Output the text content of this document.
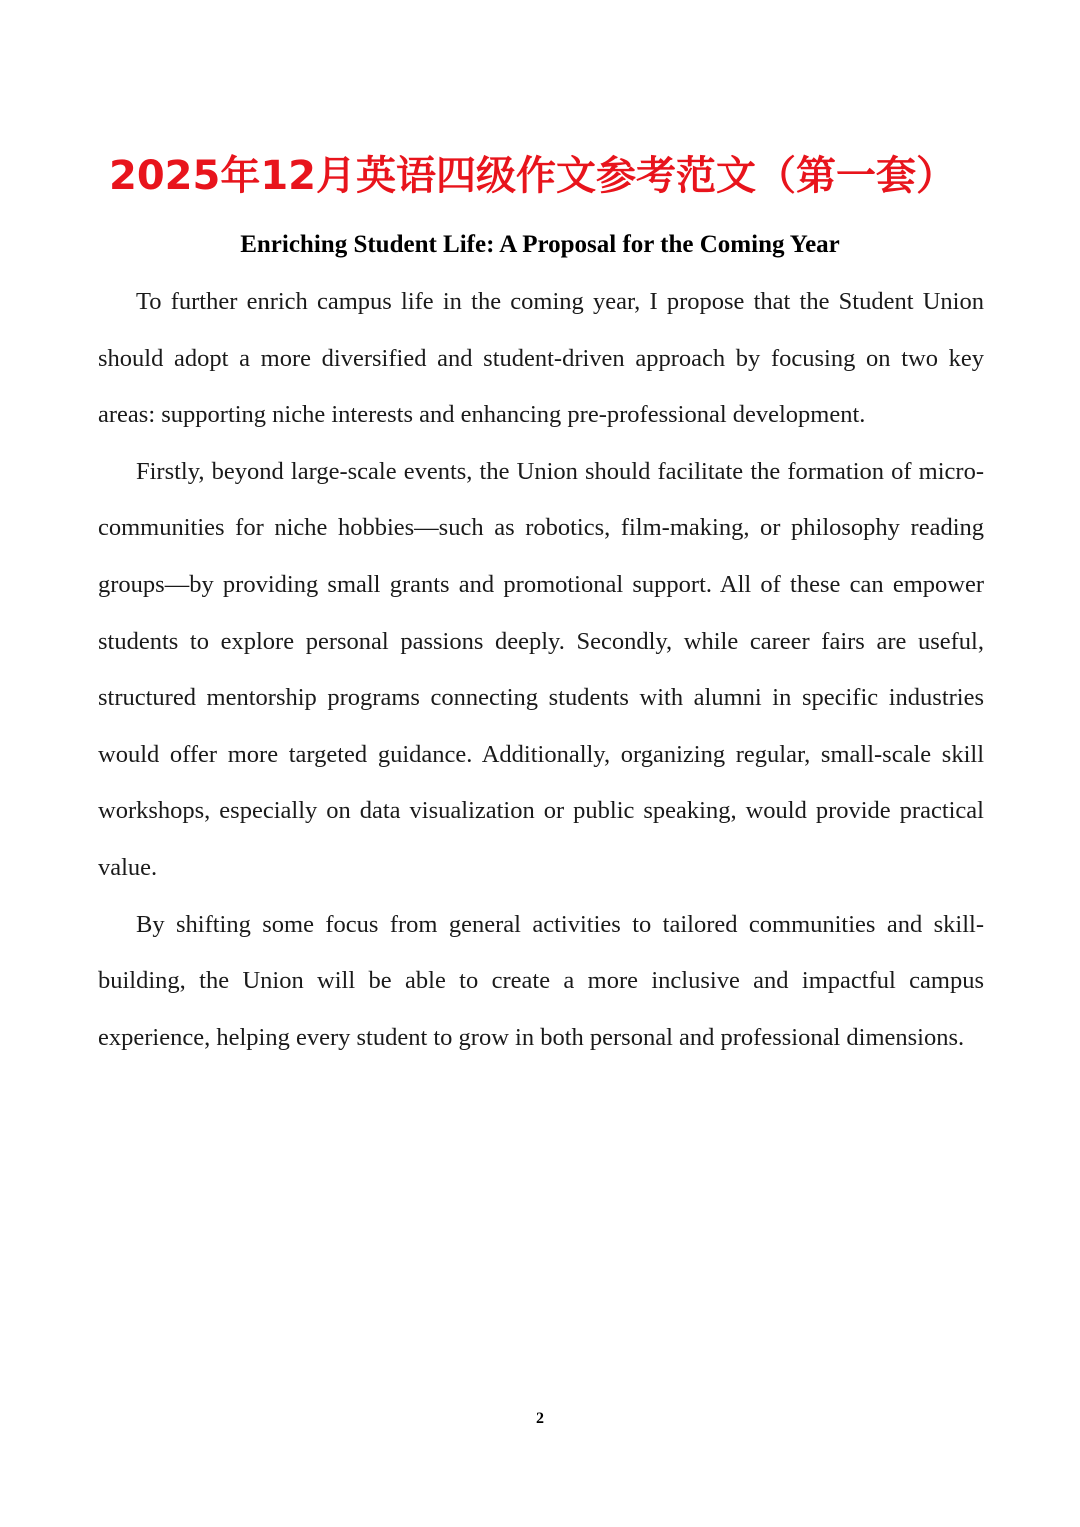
2025年12月英语四级作文参考范文（第一套）
Enriching Student Life: A Proposal for the Coming Year

To further enrich campus life in the coming year, I propose that the Student Union should adopt a more diversified and student-driven approach by focusing on two key areas: supporting niche interests and enhancing pre-professional development.

Firstly, beyond large-scale events, the Union should facilitate the formation of micro-communities for niche hobbies—such as robotics, film-making, or philosophy reading groups—by providing small grants and promotional support. All of these can empower students to explore personal passions deeply. Secondly, while career fairs are useful, structured mentorship programs connecting students with alumni in specific industries would offer more targeted guidance. Additionally, organizing regular, small-scale skill workshops, especially on data visualization or public speaking, would provide practical value.

By shifting some focus from general activities to tailored communities and skill-building, the Union will be able to create a more inclusive and impactful campus experience, helping every student to grow in both personal and professional dimensions.

2
